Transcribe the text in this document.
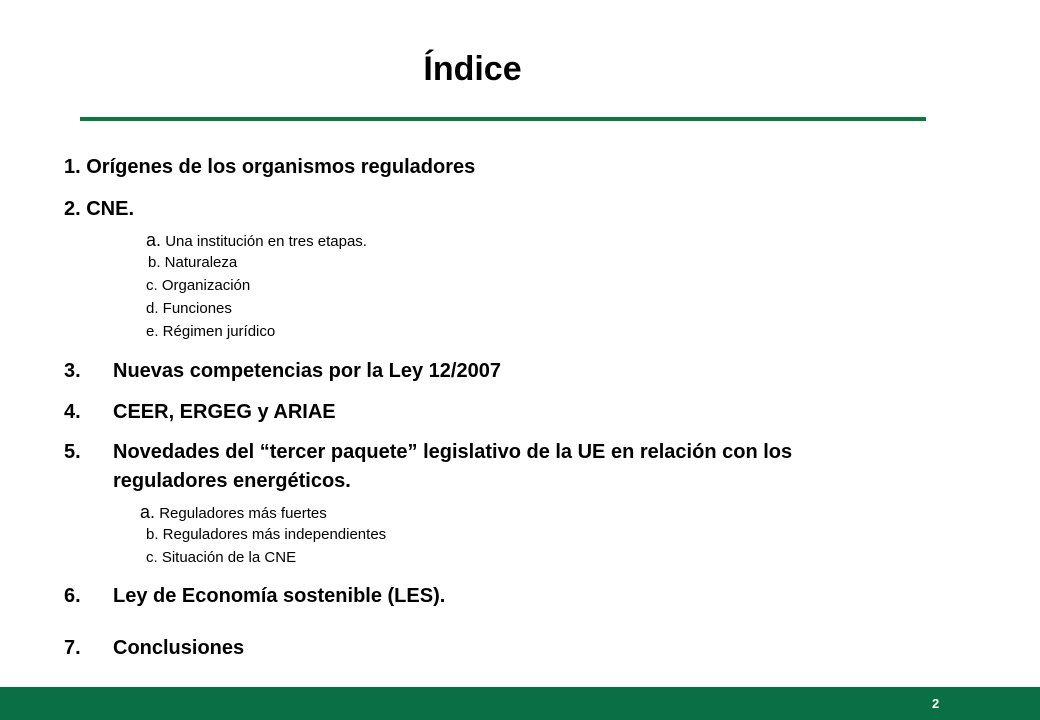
Índice
1. Orígenes de los organismos reguladores
2. CNE.
a. Una institución en tres etapas.
b. Naturaleza
c. Organización
d. Funciones
e. Régimen jurídico
3. Nuevas competencias por la Ley 12/2007
4. CEER, ERGEG y ARIAE
5. Novedades del “tercer paquete” legislativo de la UE en relación con los
reguladores energéticos.
a. Reguladores más fuertes
b. Reguladores más independientes
c. Situación de la CNE
6. Ley de Economía sostenible (LES).
7. Conclusiones
2
